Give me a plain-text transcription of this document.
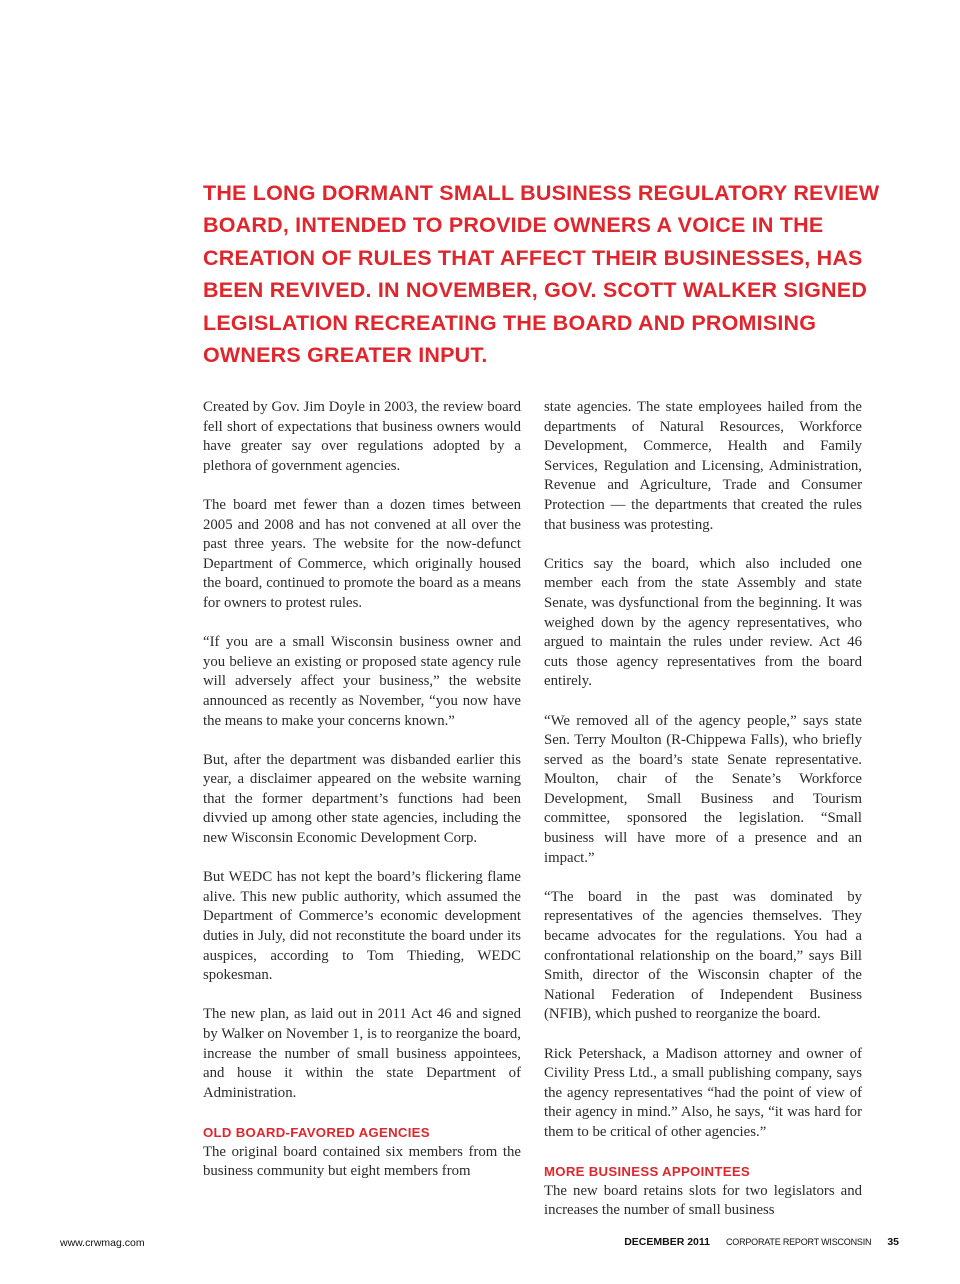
THE LONG DORMANT SMALL BUSINESS REGULATORY REVIEW BOARD, INTENDED TO PROVIDE OWNERS A VOICE IN THE CREATION OF RULES THAT AFFECT THEIR BUSINESSES, HAS BEEN REVIVED. IN NOVEMBER, GOV. SCOTT WALKER SIGNED LEGISLATION RECREATING THE BOARD AND PROMISING OWNERS GREATER INPUT.

Created by Gov. Jim Doyle in 2003, the review board fell short of expectations that business owners would have greater say over regulations adopted by a plethora of government agencies.

The board met fewer than a dozen times between 2005 and 2008 and has not convened at all over the past three years. The website for the now-defunct Department of Commerce, which originally housed the board, continued to promote the board as a means for owners to protest rules.

“If you are a small Wisconsin business owner and you believe an existing or proposed state agency rule will adversely affect your business,” the website announced as recently as November, “you now have the means to make your concerns known.”

But, after the department was disbanded earlier this year, a disclaimer appeared on the website warning that the former department’s functions had been divvied up among other state agencies, including the new Wisconsin Economic Development Corp.

But WEDC has not kept the board’s flickering flame alive. This new public authority, which assumed the Department of Commerce’s economic development duties in July, did not reconstitute the board under its auspices, according to Tom Thieding, WEDC spokesman.

The new plan, as laid out in 2011 Act 46 and signed by Walker on November 1, is to reorganize the board, increase the number of small business appointees, and house it within the state Department of Administration.

OLD BOARD-FAVORED AGENCIES

The original board contained six members from the business community but eight members from

state agencies. The state employees hailed from the departments of Natural Resources, Workforce Development, Commerce, Health and Family Services, Regulation and Licensing, Administration, Revenue and Agriculture, Trade and Consumer Protection — the departments that created the rules that business was protesting.

Critics say the board, which also included one member each from the state Assembly and state Senate, was dysfunctional from the beginning. It was weighed down by the agency representatives, who argued to maintain the rules under review. Act 46 cuts those agency representatives from the board entirely.

“We removed all of the agency people,” says state Sen. Terry Moulton (R-Chippewa Falls), who briefly served as the board’s state Senate representative. Moulton, chair of the Senate’s Workforce Development, Small Business and Tourism committee, sponsored the legislation. “Small business will have more of a presence and an impact.”

“The board in the past was dominated by representatives of the agencies themselves. They became advocates for the regulations. You had a confrontational relationship on the board,” says Bill Smith, director of the Wisconsin chapter of the National Federation of Independent Business (NFIB), which pushed to reorganize the board.

Rick Petershack, a Madison attorney and owner of Civility Press Ltd., a small publishing company, says the agency representatives “had the point of view of their agency in mind.” Also, he says, “it was hard for them to be critical of other agencies.”

MORE BUSINESS APPOINTEES

The new board retains slots for two legislators and increases the number of small business

www.crwmag.com	DECEMBER 2011 CORPORATE REPORT WISCONSIN 35
